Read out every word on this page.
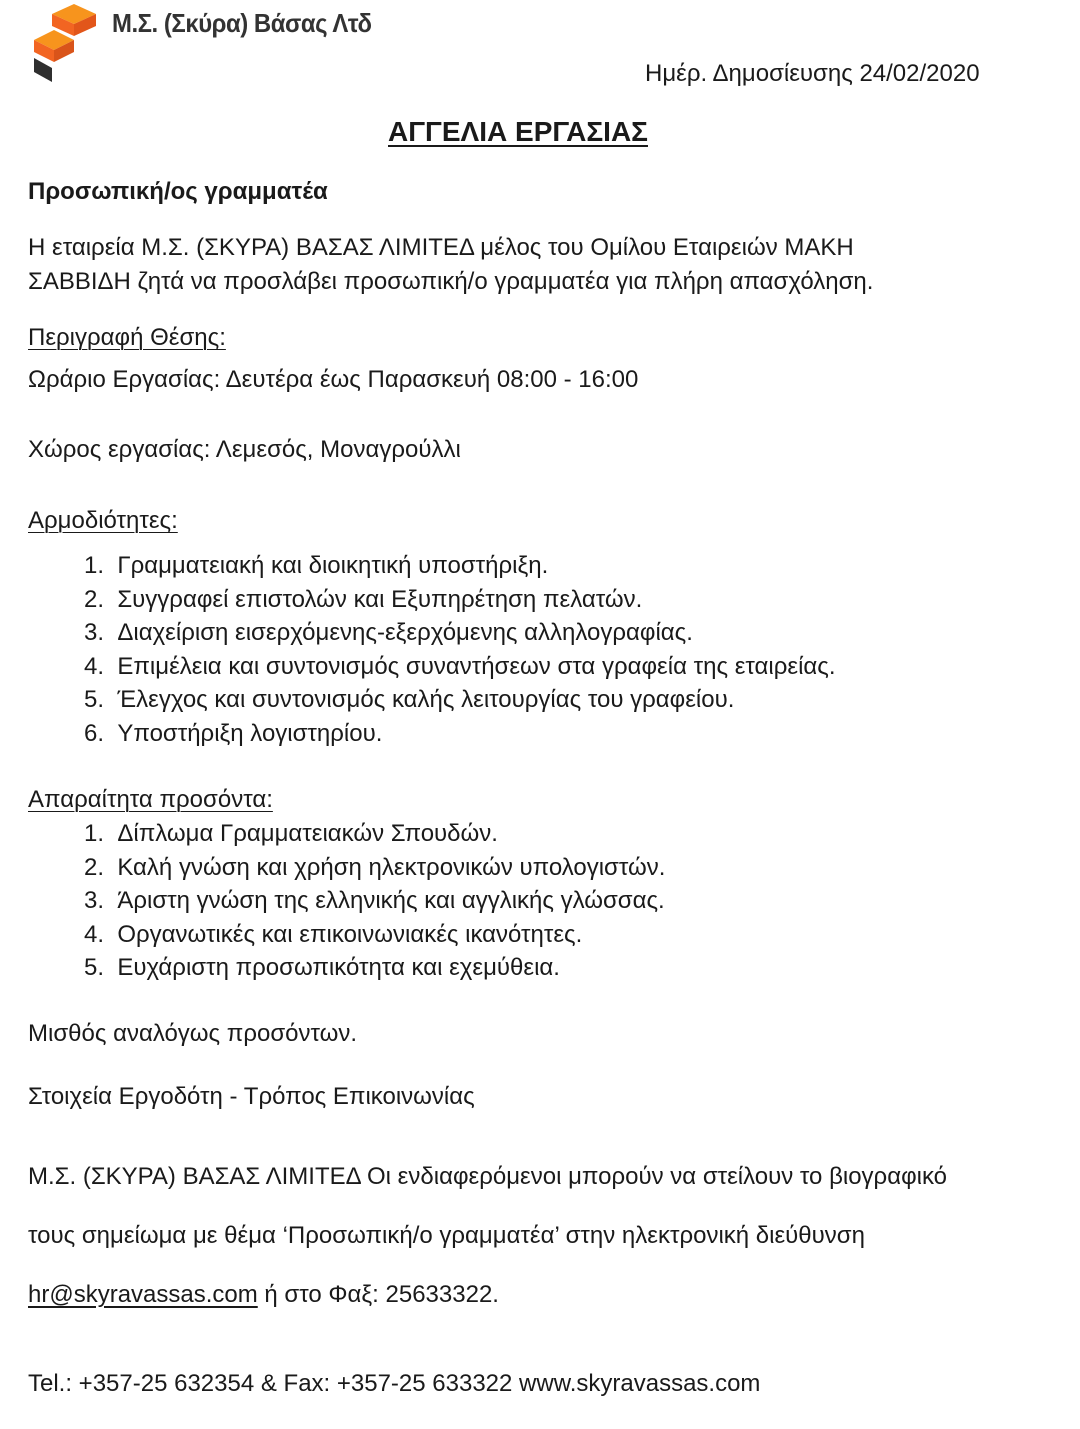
Μ.Σ. (Σκύρα) Βάσας Λτδ
Ημέρ. Δημοσίευσης 24/02/2020
ΑΓΓΕΛΙΑ ΕΡΓΑΣΙΑΣ
Προσωπική/ος γραμματέα
Η εταιρεία Μ.Σ. (ΣΚΥΡΑ) ΒΑΣΑΣ ΛΙΜΙΤΕΔ μέλος του Ομίλου Εταιρειών ΜΑΚΗ
ΣΑΒΒΙΔΗ ζητά να προσλάβει προσωπική/ο γραμματέα για πλήρη απασχόληση.
Περιγραφή Θέσης:
Ωράριο Εργασίας: Δευτέρα έως Παρασκευή 08:00 - 16:00
Χώρος εργασίας: Λεμεσός, Μοναγρούλλι
Αρμοδιότητες:
1. Γραμματειακή και διοικητική υποστήριξη.
2. Συγγραφεί επιστολών και Εξυπηρέτηση πελατών.
3. Διαχείριση εισερχόμενης-εξερχόμενης αλληλογραφίας.
4. Επιμέλεια και συντονισμός συναντήσεων στα γραφεία της εταιρείας.
5. Έλεγχος και συντονισμός καλής λειτουργίας του γραφείου.
6. Υποστήριξη λογιστηρίου.
Απαραίτητα προσόντα:
1. Δίπλωμα Γραμματειακών Σπουδών.
2. Καλή γνώση και χρήση ηλεκτρονικών υπολογιστών.
3. Άριστη γνώση της ελληνικής και αγγλικής γλώσσας.
4. Οργανωτικές και επικοινωνιακές ικανότητες.
5. Ευχάριστη προσωπικότητα και εχεμύθεια.
Μισθός αναλόγως προσόντων.
Στοιχεία Εργοδότη - Τρόπος Επικοινωνίας
Μ.Σ. (ΣΚΥΡΑ) ΒΑΣΑΣ ΛΙΜΙΤΕΔ Οι ενδιαφερόμενοι μπορούν να στείλουν το βιογραφικό
τους σημείωμα με θέμα ‘Προσωπική/ο γραμματέα’ στην ηλεκτρονική διεύθυνση
hr@skyravassas.com ή στο Φαξ: 25633322.
Tel.: +357-25 632354 & Fax: +357-25 633322 www.skyravassas.com
